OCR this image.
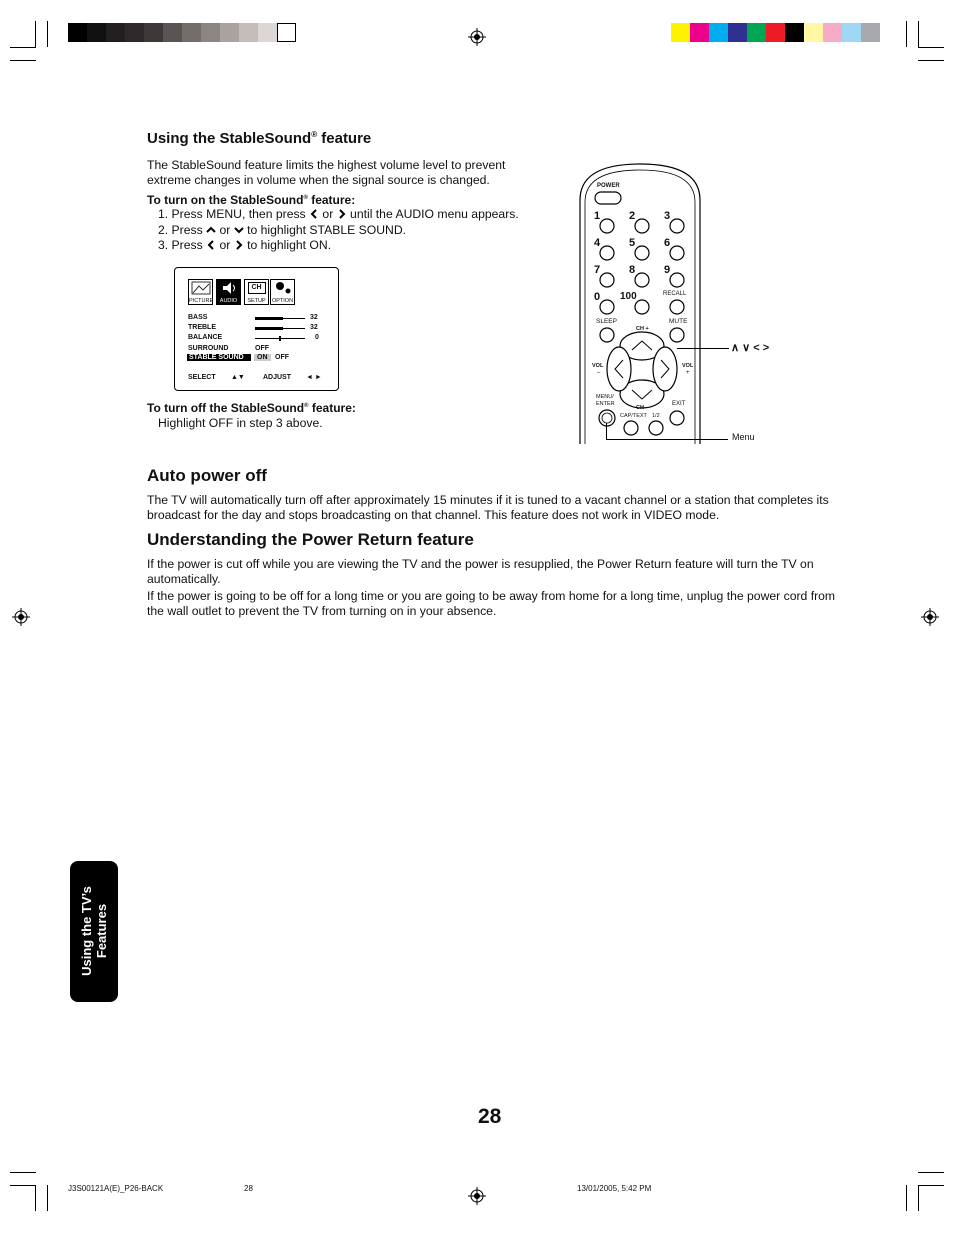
Using the StableSound® feature

The StableSound feature limits the highest volume level to prevent extreme changes in volume when the signal source is changed.

To turn on the StableSound® feature:
1. Press MENU, then press  or  until the AUDIO menu appears.
2. Press  or  to highlight STABLE SOUND.
3. Press  or  to highlight ON.
PICTURE	AUDIO
CH
SETUP	OPTION
BASS	32
TREBLE	32
BALANCE	0
SURROUND	OFF
STABLE SOUND	ON	OFF
SELECT ▲▼	ADJUST ◄ ►
To turn off the StableSound® feature:
Highlight OFF in step 3 above.
POWER
1	2	3
4	5	6
7	8	9
0 100	RECALL
SLEEP	MUTE
CH +
VOL
–
VOL
+
MENU/
ENTER
CH –
EXIT
CAP/TEXT 1/2
∧ ∨ < >
Menu
Auto power off

The TV will automatically turn off after approximately 15 minutes if it is tuned to a vacant channel or a station that completes its broadcast for the day and stops broadcasting on that channel. This feature does not work in VIDEO mode.

Understanding the Power Return feature

If the power is cut off while you are viewing the TV and the power is resupplied, the Power Return feature will turn the TV on automatically.

If the power is going to be off for a long time or you are going to be away from home for a long time, unplug the power cord from the wall outlet to prevent the TV from turning on in your absence.

Using the TV’s Features
28
J3S00121A(E)_P26-BACK	28	13/01/2005, 5:42 PM
